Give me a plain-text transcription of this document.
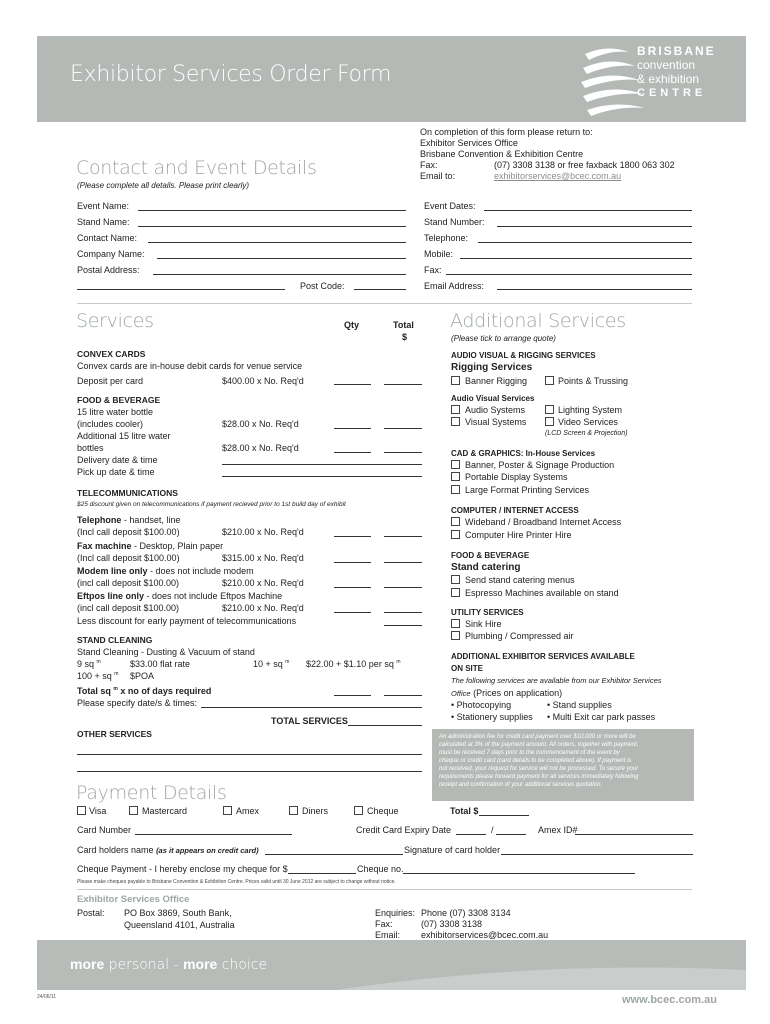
Exhibitor Services Order Form
BRISBANE
convention
& exhibition
CENTRE
On completion of this form please return to:
Exhibitor Services Office
Brisbane Convention & Exhibition Centre
Fax:	(07) 3308 3138 or free faxback 1800 063 302
Email to:	exhibitorservices@bcec.com.au
Contact and Event Details
(Please complete all details. Please print clearly)
Event Name:
Stand Name:
Contact Name:
Company Name:
Postal Address:
Post Code:
Event Dates:
Stand Number:
Telephone:
Mobile:
Fax:
Email Address:
Services	Qty	Total
$
CONVEX CARDS
Convex cards are in-house debit cards for venue service
Deposit per card	$400.00 x No. Req'd
FOOD & BEVERAGE
15 litre water bottle
(includes cooler)	$28.00 x No. Req'd
Additional 15 litre water
bottles	$28.00 x No. Req'd
Delivery date & time
Pick up date & time
TELECOMMUNICATIONS
$25 discount given on telecommunications if payment recieved prior to 1st build day of exhibit
Telephone - handset, line
(Incl call deposit $100.00)	$210.00 x No. Req'd
Fax machine - Desktop, Plain paper
(Incl call deposit $100.00)	$315.00 x No. Req'd
Modem line only - does not include modem
(incl call deposit $100.00)	$210.00 x No. Req'd
Eftpos line only - does not include Eftpos Machine
(incl call deposit $100.00)	$210.00 x No. Req'd
Less discount for early payment of telecommunications
STAND CLEANING
Stand Cleaning - Dusting & Vacuum of stand
9 sq $^m$	$33.00 flat rate	10 + sq $^m$ $22.00 + $1.10 per sq $^m$
100 + sq $^m$ $POA
Total sq $^m$ x no of days required
Please specify date/s & times:
TOTAL SERVICES
OTHER SERVICES
Additional Services
(Please tick to arrange quote)
AUDIO VISUAL & RIGGING SERVICES
Rigging Services
Banner Rigging	Points & Trussing
Audio Visual Services
Audio Systems	Lighting System
Visual Systems	Video Services
(LCD Screen & Projection)
CAD & GRAPHICS: In-House Services
Banner, Poster & Signage Production
Portable Display Systems
Large Format Printing Services
COMPUTER / INTERNET ACCESS
Wideband / Broadband Internet Access
Computer Hire Printer Hire
FOOD & BEVERAGE
Stand catering
Send stand catering menus
Espresso Machines available on stand
UTILITY SERVICES
Sink Hire
Plumbing / Compressed air
ADDITIONAL EXHIBITOR SERVICES AVAILABLE
ON SITE
The following services are available from our Exhibitor Services
Office (Prices on application)
• Photocopying	• Stand supplies
• Stationery supplies • Multi Exit car park passes
An administration fee for credit card payment over $10,000 or more will be
calculated at 3% of the payment amount. All orders, together with payment,
must be received 7 days prior to the commencement of the event by
cheque or credit card (card details to be completed above). If payment is
not received, your request for service will not be processed. To secure your
requirements please forward payment for all services immediately following
receipt and confirmation of your additional services quotation.
Payment Details
Visa	Mastercard	Amex	Diners	Cheque	Total $
Card Number	Credit Card Expiry Date	/	Amex ID#
Card holders name (as it appears on credit card)	Signature of card holder
Cheque Payment - I hereby enclose my cheque for $	Cheque no.
Please make cheques payable to Brisbane Convention & Exhibition Centre. Prices valid until 30 June 2012 are subject to change without notice.
Exhibitor Services Office
Postal: PO Box 3869, South Bank,
Queensland 4101, Australia
Enquiries: Phone (07) 3308 3134
Fax:	(07) 3308 3138
Email: exhibitorservices@bcec.com.au
more personal - more choice
24/06/11	www.bcec.com.au
